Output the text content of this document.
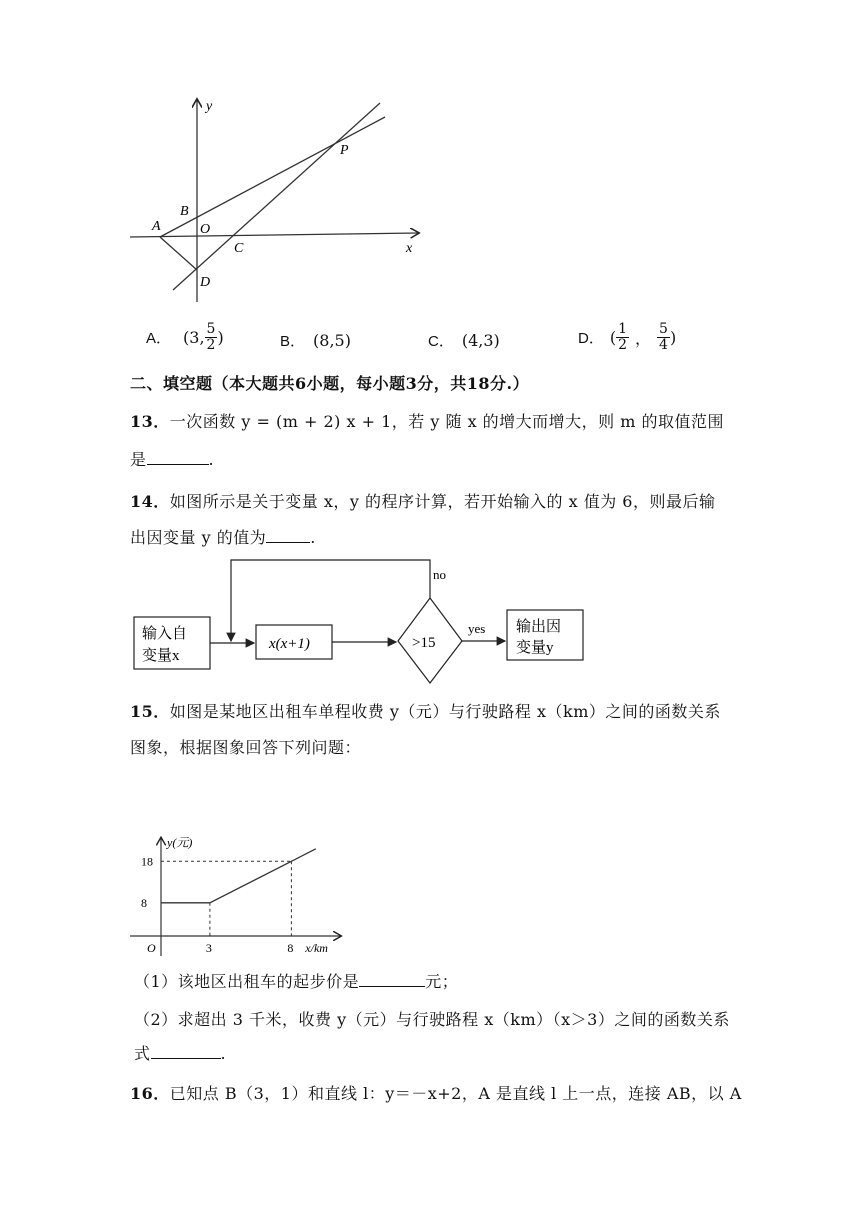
y
x
B
A	O
C
D
P
A． (3, $\frac{5}{2}$ )	B． (8,5)	C． (4,3)	D． ( $\frac{1}{2}$ ， $\frac{5}{4}$ )
二、填空题（本大题共6小题，每小题3分，共18分.）
13．一次函数 y = (m + 2) x + 1，若 y 随 x 的增大而增大，则 m 的取值范围
是	.
14．如图所示是关于变量 x，y 的程序计算，若开始输入的 x 值为 6，则最后输
出因变量 y 的值为	.
输入自
变量x
x(x+1)	>15
no
yes 输出因
变量y
15．如图是某地区出租车单程收费 y（元）与行驶路程 x（km）之间的函数关系
图象，根据图象回答下列问题：
y(元)
x/km
O	3	8
8
18
（1）该地区出租车的起步价是	元；
（2）求超出 3 千米，收费 y（元）与行驶路程 x（km）（x＞3）之间的函数关系
式	.
16．已知点 B（3，1）和直线 l：y＝－x+2，A 是直线 l 上一点，连接 AB，以 A
